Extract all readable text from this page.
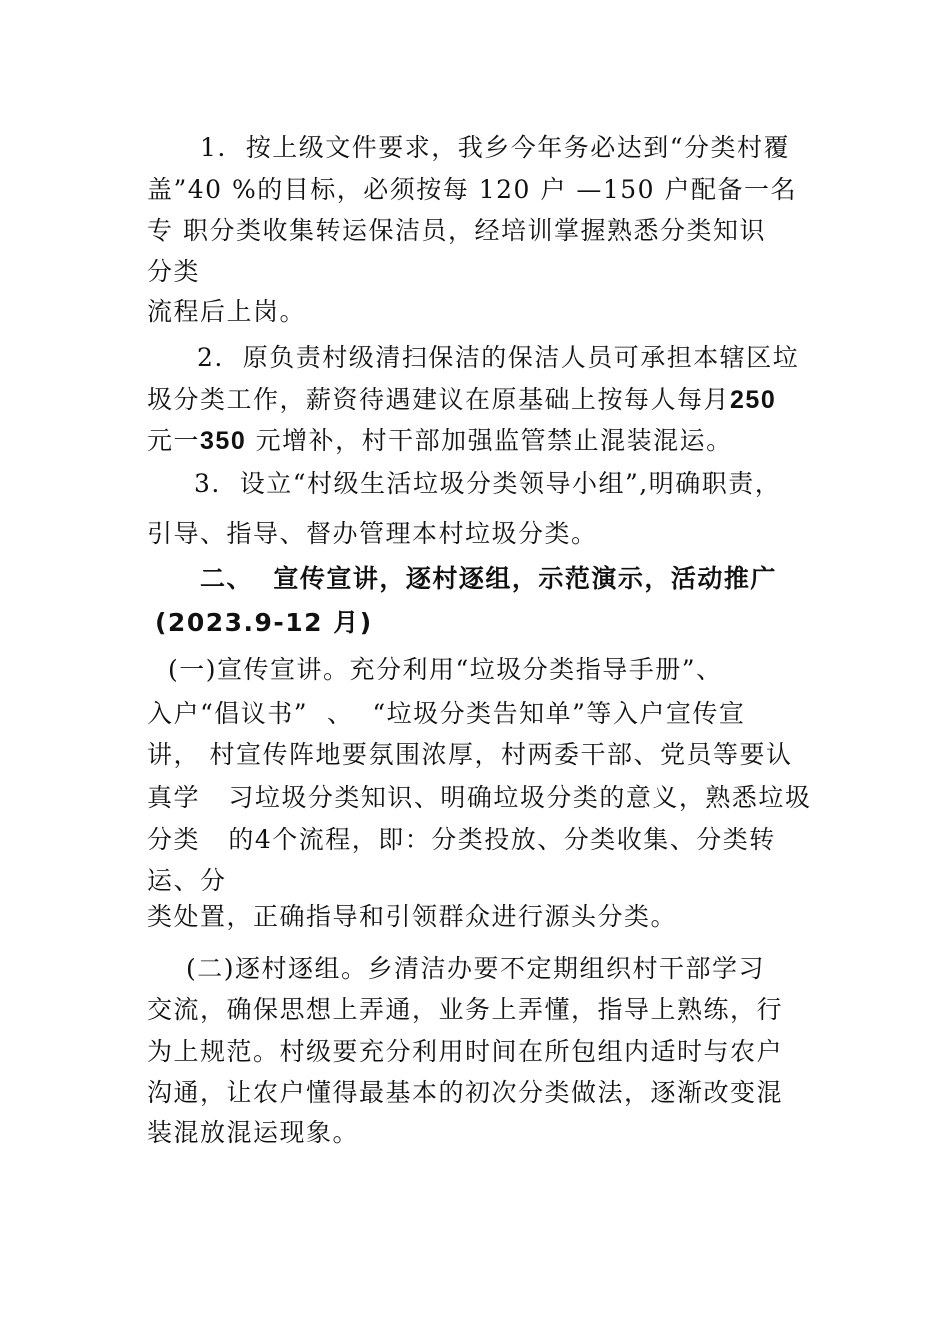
1.  按上级文件要求，我乡今年务必达到“分类村覆
盖”40 %的目标，必须按每 120 户 —150 户配备一名
专 职分类收集转运保洁员，经培训掌握熟悉分类知识
分类
流程后上岗。
2.  原负责村级清扫保洁的保洁人员可承担本辖区垃
圾分类工作，薪资待遇建议在原基础上按每人每月250
元一350 元增补，村干部加强监管禁止混装混运。
3.  设立“村级生活垃圾分类领导小组”,明确职责，
引导、指导、督办管理本村垃圾分类。
二、  宣传宣讲，逐村逐组，示范演示，活动推广
(2023.9-12 月)
(一)宣传宣讲。充分利用“垃圾分类指导手册”、
入户“倡议书”  、  “垃圾分类告知单”等入户宣传宣
讲， 村宣传阵地要氛围浓厚，村两委干部、党员等要认
真学   习垃圾分类知识、明确垃圾分类的意义，熟悉垃圾
分类   的4个流程，即：分类投放、分类收集、分类转
运、分
类处置，正确指导和引领群众进行源头分类。
(二)逐村逐组。乡清洁办要不定期组织村干部学习
交流，确保思想上弄通，业务上弄懂，指导上熟练，行
为上规范。村级要充分利用时间在所包组内适时与农户
沟通，让农户懂得最基本的初次分类做法，逐渐改变混
装混放混运现象。
